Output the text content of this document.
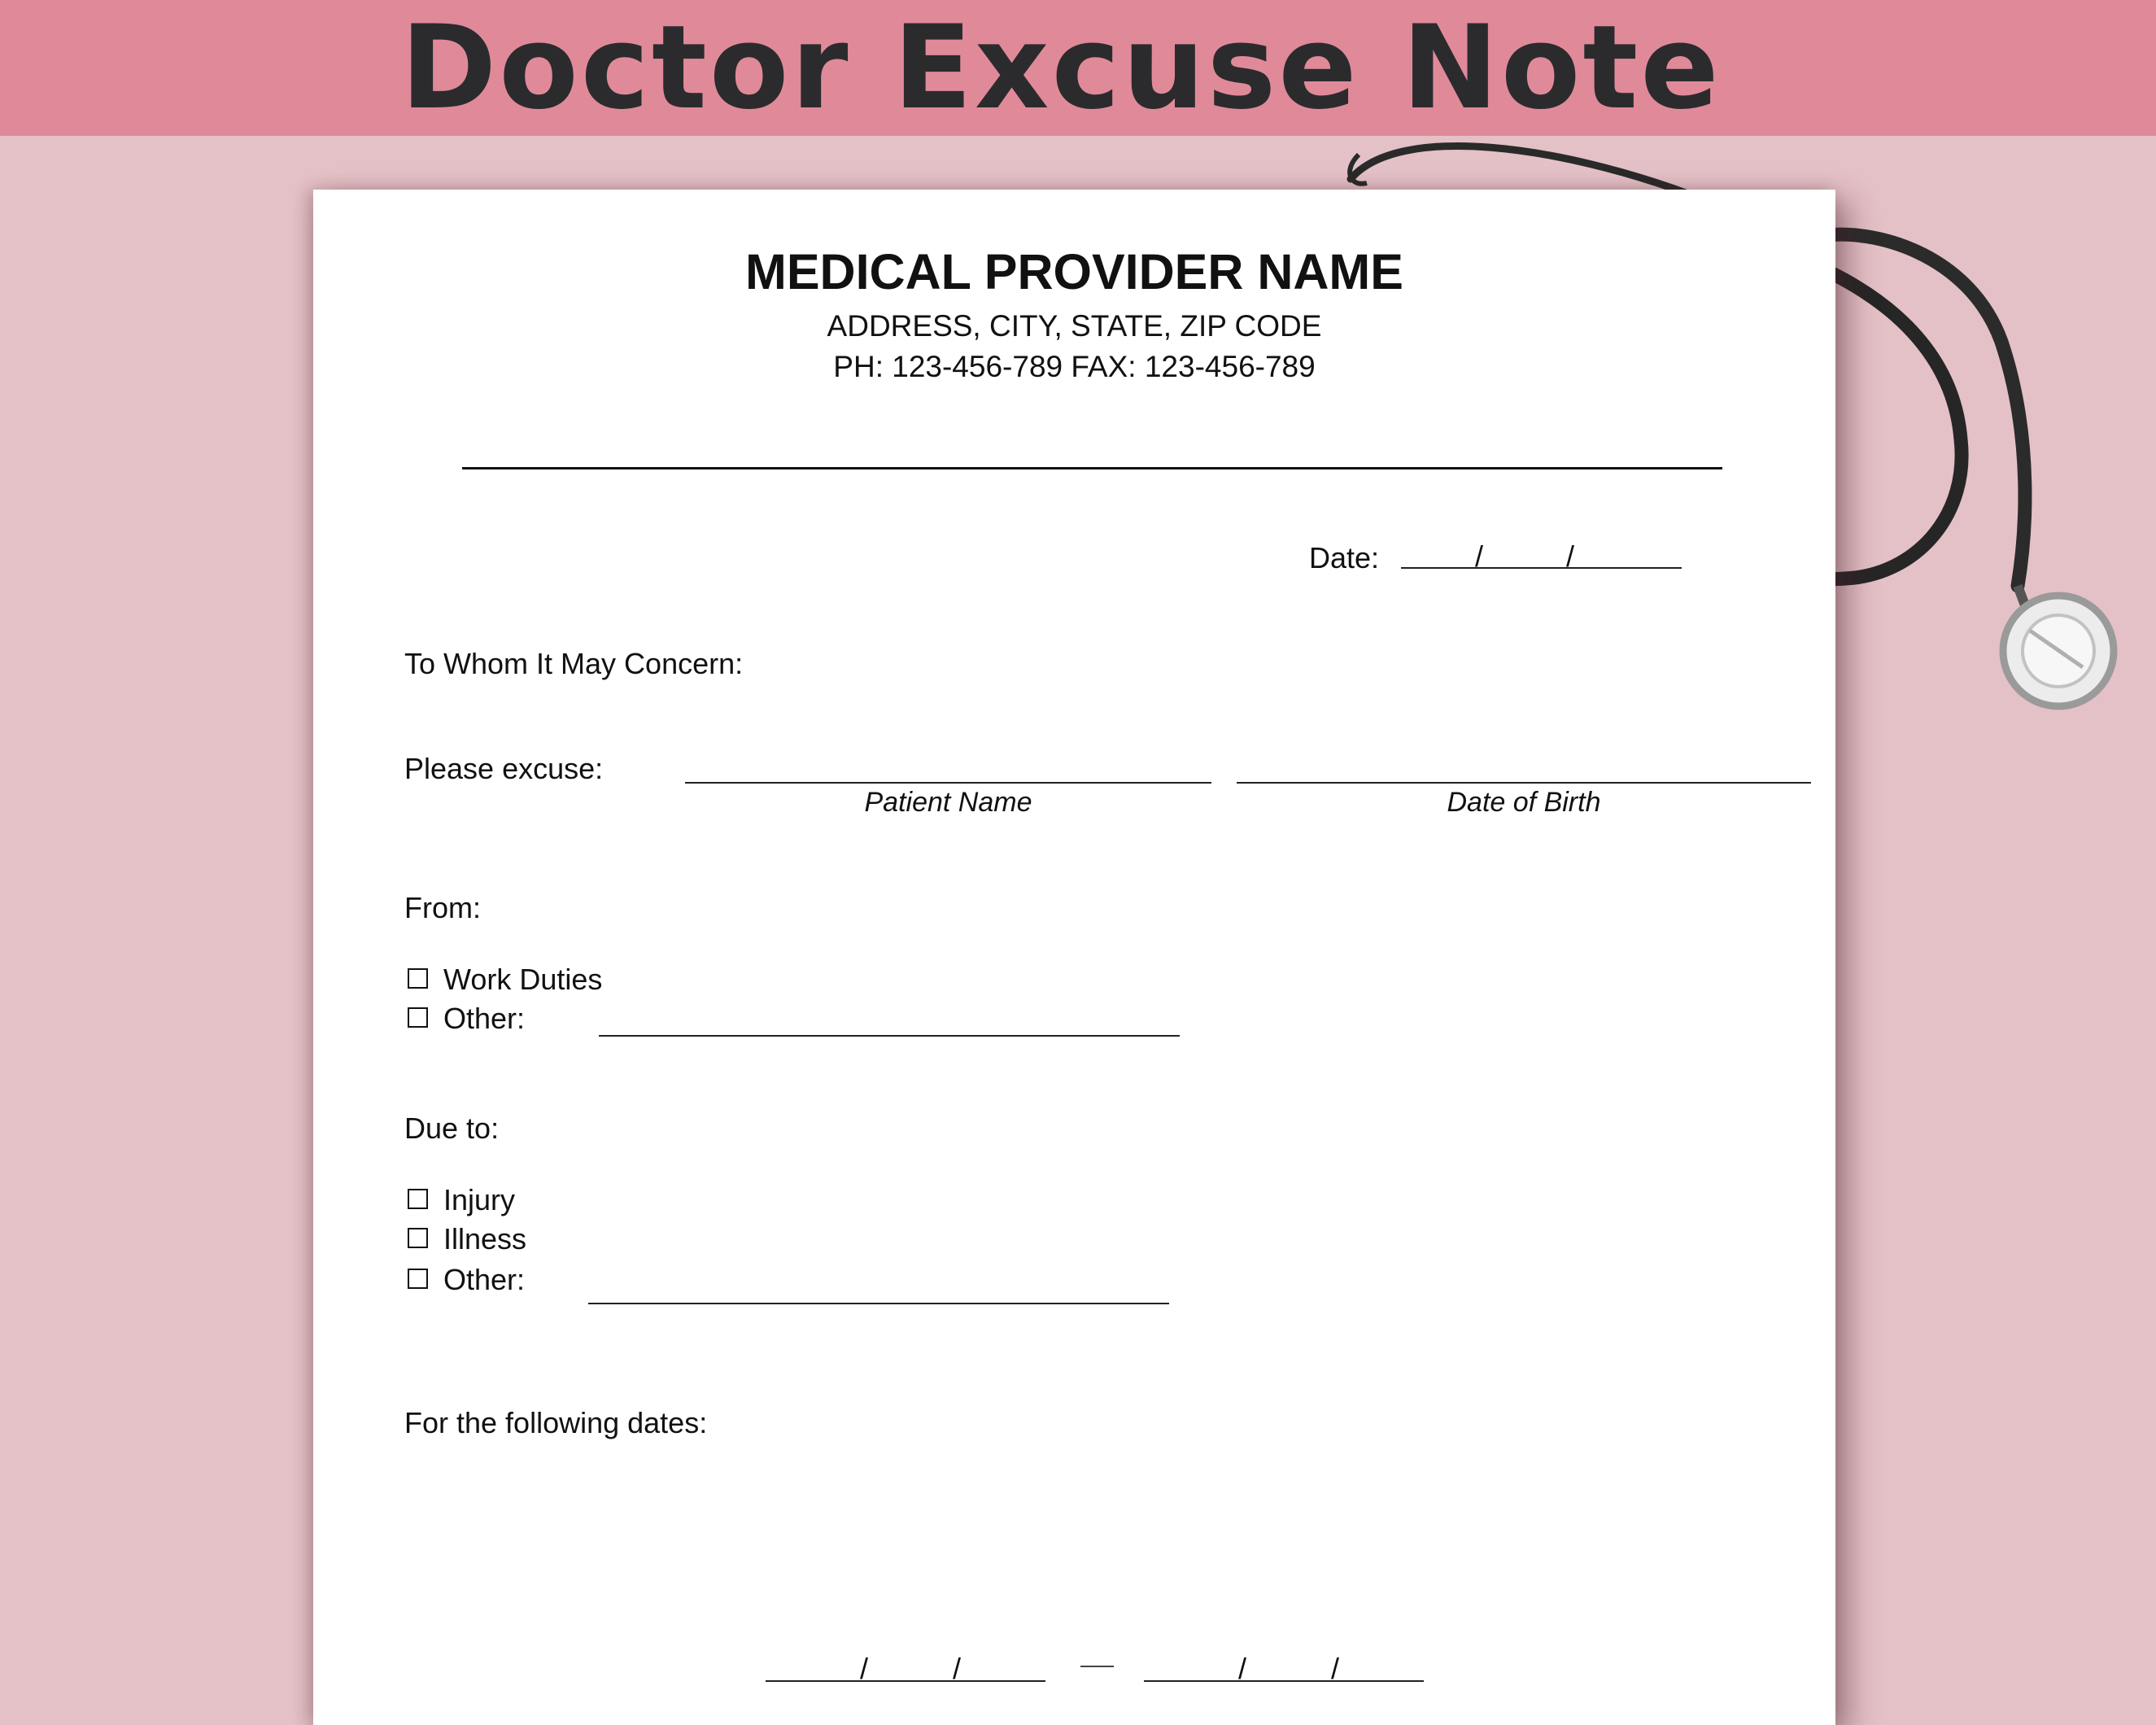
Doctor Excuse Note
MEDICAL PROVIDER NAME
ADDRESS, CITY, STATE, ZIP CODE
PH: 123-456-789 FAX: 123-456-789
Date:	/	/
To Whom It May Concern:
Please excuse:
Patient Name	Date of Birth
From:
Work Duties
Other:
Due to:
Injury
Illness
Other:
For the following dates:
/	/	/	/
